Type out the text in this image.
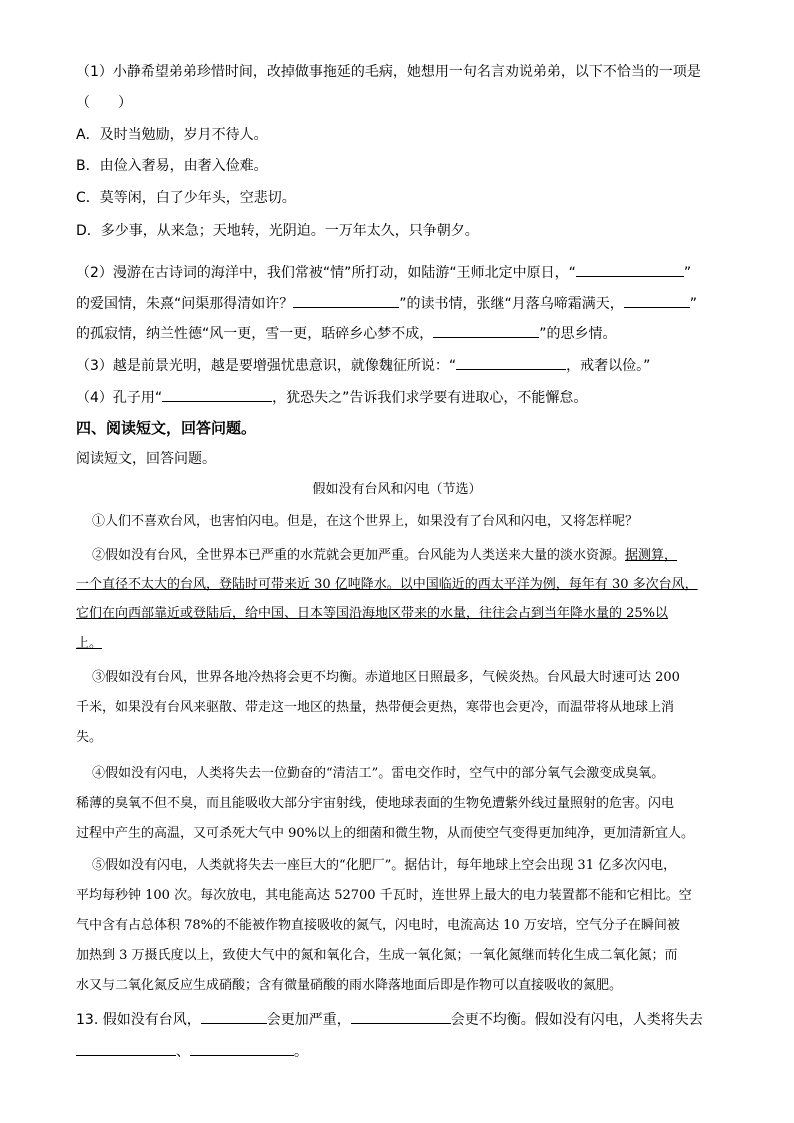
（1）小静希望弟弟珍惜时间，改掉做事拖延的毛病，她想用一句名言劝说弟弟，以下不恰当的一项是
（　　）
A．及时当勉励，岁月不待人。
B．由俭入奢易，由奢入俭难。
C．莫等闲，白了少年头，空悲切。
D．多少事，从来急；天地转，光阴迫。一万年太久，只争朝夕。
（2）漫游在古诗词的海洋中，我们常被“情”所打动，如陆游“王师北定中原日，“	”
的爱国情，朱熹“问渠那得清如许？	”的读书情，张继“月落乌啼霜满天，	”
的孤寂情，纳兰性德“风一更，雪一更，聒碎乡心梦不成，	”的思乡情。
（3）越是前景光明，越是要增强忧患意识，就像魏征所说：“	，戒奢以俭。”
（4）孔子用“	，犹恐失之”告诉我们求学要有进取心，不能懈怠。
四、阅读短文，回答问题。
阅读短文，回答问题。
假如没有台风和闪电（节选）
①人们不喜欢台风，也害怕闪电。但是，在这个世界上，如果没有了台风和闪电，又将怎样呢？
②假如没有台风，全世界本已严重的水荒就会更加严重。台风能为人类送来大量的淡水资源。据测算，
一个直径不太大的台风，登陆时可带来近 30 亿吨降水。以中国临近的西太平洋为例，每年有 30 多次台风，
它们在向西部靠近或登陆后，给中国、日本等国沿海地区带来的水量，往往会占到当年降水量的 25%以
上。
③假如没有台风，世界各地冷热将会更不均衡。赤道地区日照最多，气候炎热。台风最大时速可达 200
千米，如果没有台风来驱散、带走这一地区的热量，热带便会更热，寒带也会更冷，而温带将从地球上消
失。
④假如没有闪电，人类将失去一位勤奋的“清洁工”。雷电交作时，空气中的部分氧气会激变成臭氧。
稀薄的臭氧不但不臭，而且能吸收大部分宇宙射线，使地球表面的生物免遭紫外线过量照射的危害。闪电
过程中产生的高温，又可杀死大气中 90%以上的细菌和微生物，从而使空气变得更加纯净，更加清新宜人。
⑤假如没有闪电，人类就将失去一座巨大的“化肥厂”。据估计，每年地球上空会出现 31 亿多次闪电，
平均每秒钟 100 次。每次放电，其电能高达 52700 千瓦时，连世界上最大的电力装置都不能和它相比。空
气中含有占总体积 78%的不能被作物直接吸收的氮气，闪电时，电流高达 10 万安培，空气分子在瞬间被
加热到 3 万摄氏度以上，致使大气中的氮和氧化合，生成一氧化氮；一氧化氮继而转化生成二氧化氮；而
水又与二氧化氮反应生成硝酸；含有微量硝酸的雨水降落地面后即是作物可以直接吸收的氮肥。
13. 假如没有台风，	会更加严重，	会更不均衡。假如没有闪电，人类将失去
、	。
